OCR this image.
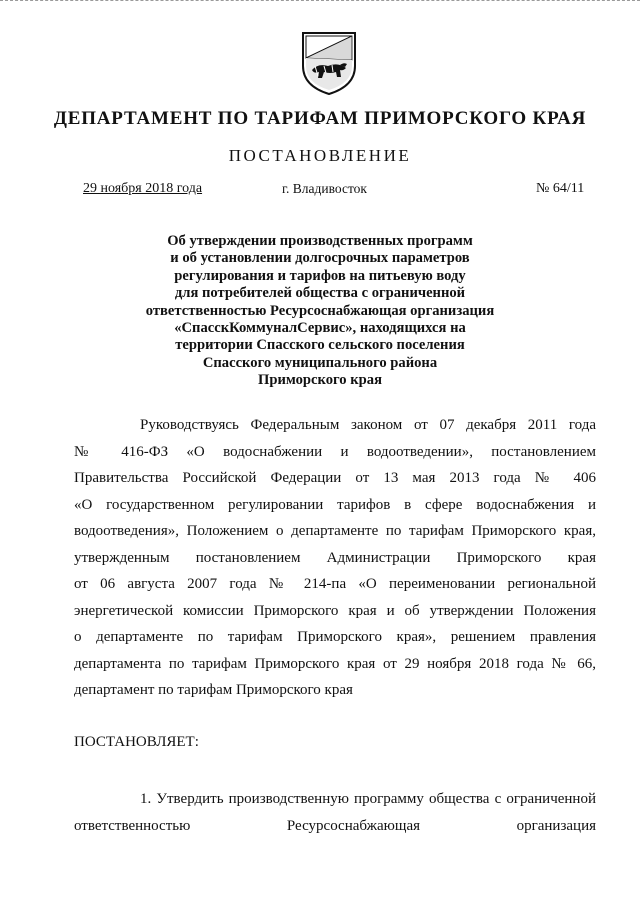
ДЕПАРТАМЕНТ ПО ТАРИФАМ ПРИМОРСКОГО КРАЯ
ПОСТАНОВЛЕНИЕ
29 ноября 2018 года	г. Владивосток	№ 64/11
Об утверждении производственных программ
и об установлении долгосрочных параметров
регулирования и тарифов на питьевую воду
для потребителей общества с ограниченной
ответственностью Ресурсоснабжающая организация
«СпасскКоммуналСервис», находящихся на
территории Спасского сельского поселения
Спасского муниципального района
Приморского края
Руководствуясь Федеральным законом от 07 декабря 2011 года
№ 416-ФЗ «О водоснабжении и водоотведении», постановлением
Правительства Российской Федерации от 13 мая 2013 года № 406
«О государственном регулировании тарифов в сфере водоснабжения и
водоотведения», Положением о департаменте по тарифам Приморского края,
утвержденным постановлением Администрации Приморского края
от 06 августа 2007 года № 214-па «О переименовании региональной
энергетической комиссии Приморского края и об утверждении Положения
о департаменте по тарифам Приморского края», решением правления
департамента по тарифам Приморского края от 29 ноября 2018 года № 66,
департамент по тарифам Приморского края
ПОСТАНОВЛЯЕТ:
1. Утвердить производственную программу общества с ограниченной
ответственностью Ресурсоснабжающая организация
